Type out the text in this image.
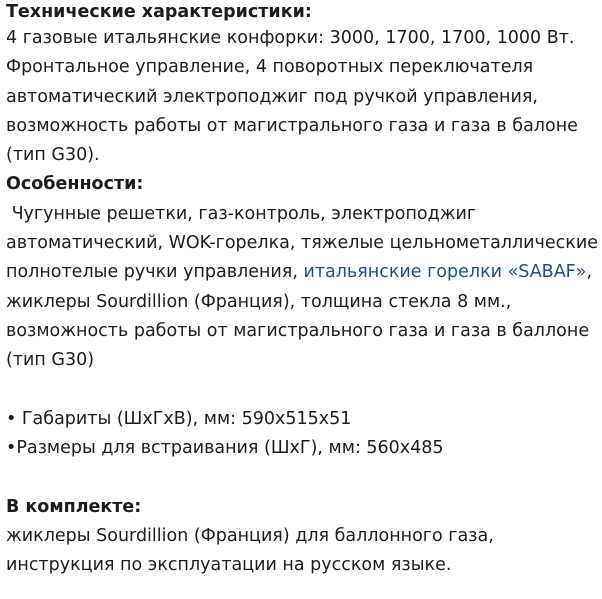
Технические характеристики:
4 газовые итальянские конфорки: 3000, 1700, 1700, 1000 Вт.
Фронтальное управление, 4 поворотных переключателя
автоматический электроподжиг под ручкой управления,
возможность работы от магистрального газа и газа в балоне
(тип G30).
Особенности:
Чугунные решетки, газ-контроль, электроподжиг
автоматический, WOK-горелка, тяжелые цельнометаллические
полнотелые ручки управления, итальянские горелки «SABAF»,
жиклеры Sourdillion (Франция), толщина стекла 8 мм.,
возможность работы от магистрального газа и газа в баллоне
(тип G30)
• Габариты (ШхГхВ), мм: 590x515x51
•Размеры для встраивания (ШхГ), мм: 560x485
В комплекте:
жиклеры Sourdillion (Франция) для баллонного газа,
инструкция по эксплуатации на русском языке.
